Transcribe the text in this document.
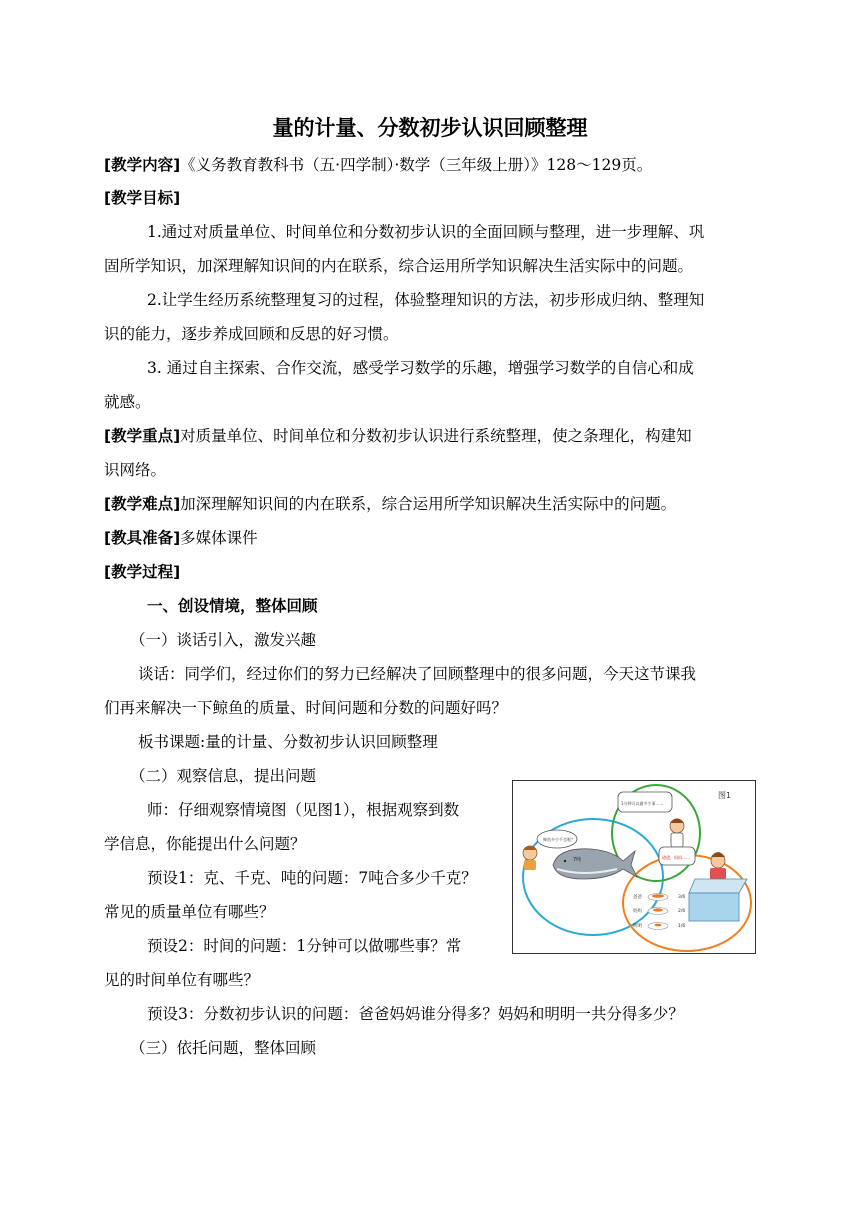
量的计量、分数初步认识回顾整理
[教学内容]《义务教育教科书（五·四学制）·数学（三年级上册）》128～129页。
[教学目标]
1.通过对质量单位、时间单位和分数初步认识的全面回顾与整理，进一步理解、巩
固所学知识，加深理解知识间的内在联系，综合运用所学知识解决生活实际中的问题。
2.让学生经历系统整理复习的过程，体验整理知识的方法，初步形成归纳、整理知
识的能力，逐步养成回顾和反思的好习惯。
3. 通过自主探索、合作交流，感受学习数学的乐趣，增强学习数学的自信心和成
就感。
[教学重点]对质量单位、时间单位和分数初步认识进行系统整理，使之条理化，构建知
识网络。
[教学难点]加深理解知识间的内在联系，综合运用所学知识解决生活实际中的问题。
[教具准备]多媒体课件
[教学过程]
一、创设情境，整体回顾
（一）谈话引入，激发兴趣
谈话：同学们，经过你们的努力已经解决了回顾整理中的很多问题，今天这节课我
们再来解决一下鲸鱼的质量、时间问题和分数的问题好吗？
板书课题:量的计量、分数初步认识回顾整理
（二）观察信息，提出问题
师：仔细观察情境图（见图1），根据观察到数
学信息，你能提出什么问题？
预设1：克、千克、吨的问题：7吨合多少千克？
常见的质量单位有哪些？
预设2：时间的问题：1分钟可以做哪些事？常
见的时间单位有哪些？
预设3：分数初步认识的问题：爸爸妈妈谁分得多？妈妈和明明一共分得多少？
（三）依托问题，整体回顾
图1
1分钟可以做多少事……
鲸鱼多少千克呢？
7吨	爸爸，妈妈……
爸爸	3/6
妈妈	2/6
明明	1/6
